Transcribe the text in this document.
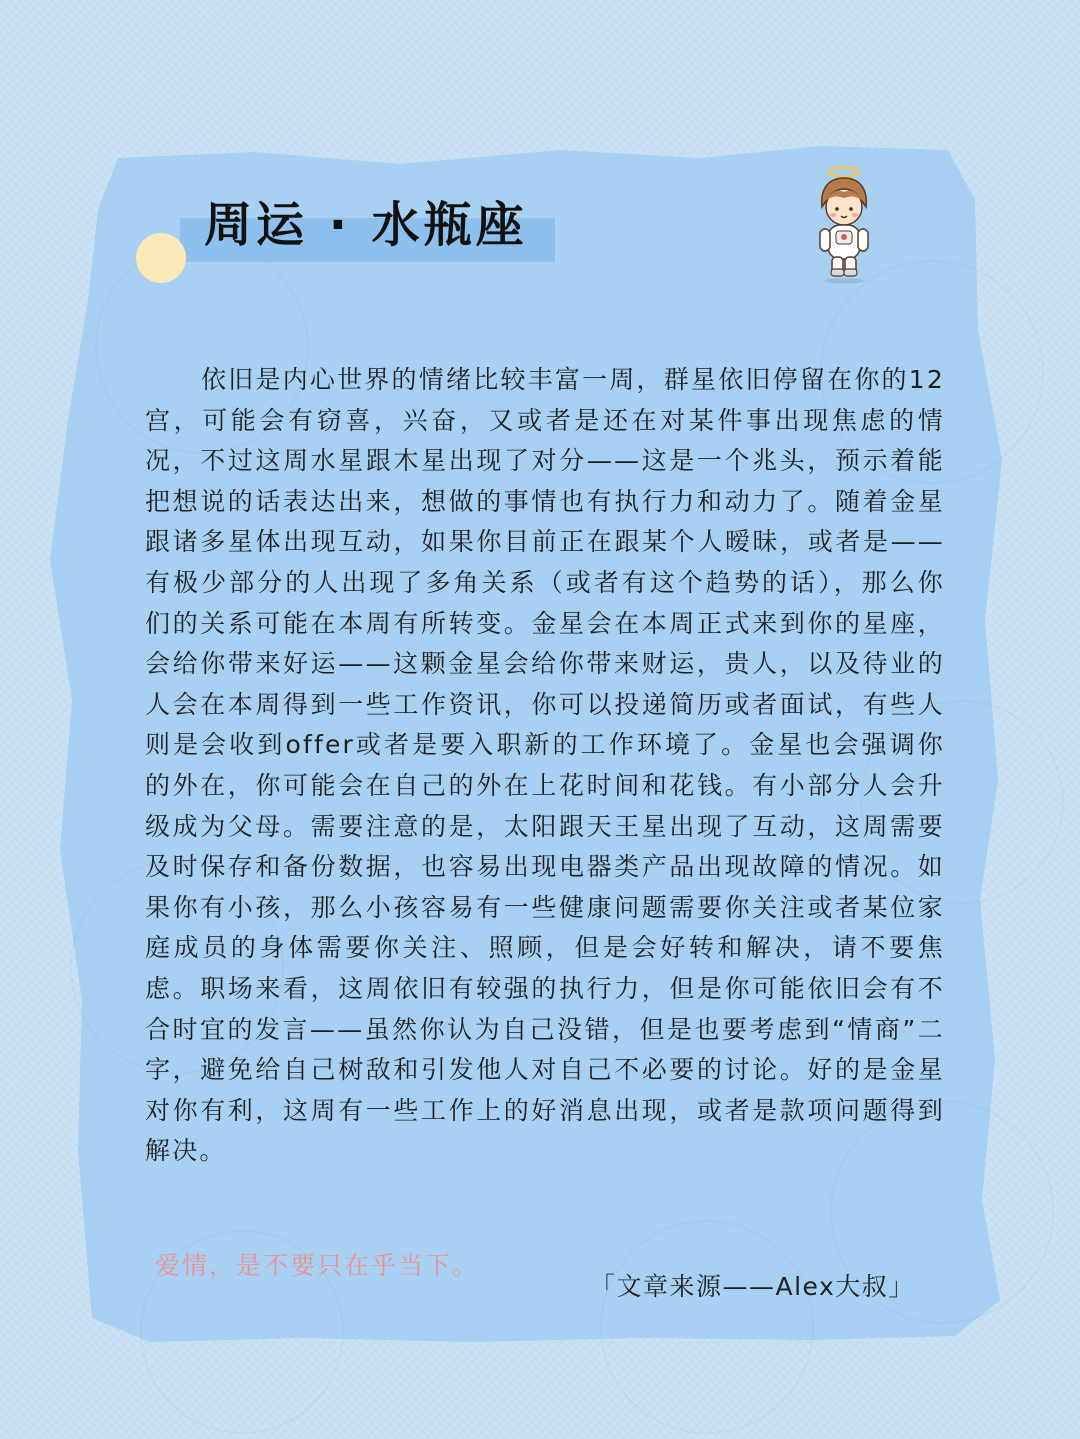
周运 · 水瓶座

依旧是内心世界的情绪比较丰富一周，群星依旧停留在你的12宫，可能会有窃喜，兴奋，又或者是还在对某件事出现焦虑的情况，不过这周水星跟木星出现了对分——这是一个兆头，预示着能把想说的话表达出来，想做的事情也有执行力和动力了。随着金星跟诸多星体出现互动，如果你目前正在跟某个人暧昧，或者是——有极少部分的人出现了多角关系（或者有这个趋势的话），那么你们的关系可能在本周有所转变。金星会在本周正式来到你的星座，会给你带来好运——这颗金星会给你带来财运，贵人，以及待业的人会在本周得到一些工作资讯，你可以投递简历或者面试，有些人则是会收到offer或者是要入职新的工作环境了。金星也会强调你的外在，你可能会在自己的外在上花时间和花钱。有小部分人会升级成为父母。需要注意的是，太阳跟天王星出现了互动，这周需要及时保存和备份数据，也容易出现电器类产品出现故障的情况。如果你有小孩，那么小孩容易有一些健康问题需要你关注或者某位家庭成员的身体需要你关注、照顾，但是会好转和解决，请不要焦虑。职场来看，这周依旧有较强的执行力，但是你可能依旧会有不合时宜的发言——虽然你认为自己没错，但是也要考虑到“情商”二字，避免给自己树敌和引发他人对自己不必要的讨论。好的是金星对你有利，这周有一些工作上的好消息出现，或者是款项问题得到解决。

爱情，是不要只在乎当下。

「文章来源——Alex大叔」
